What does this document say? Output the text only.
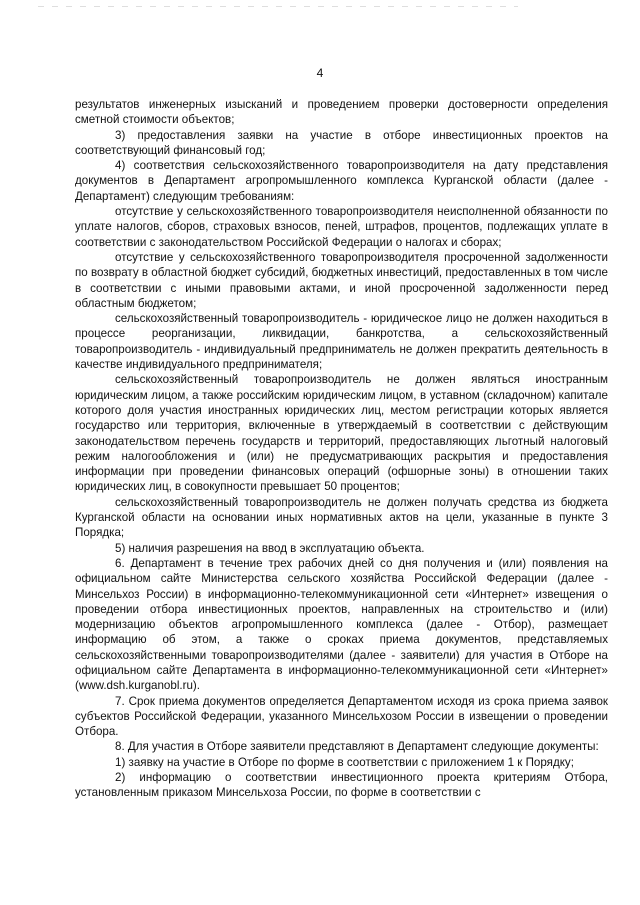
4

результатов инженерных изысканий и проведением проверки достоверности определения сметной стоимости объектов;

3) предоставления заявки на участие в отборе инвестиционных проектов на соответствующий финансовый год;

4) соответствия сельскохозяйственного товаропроизводителя на дату представления документов в Департамент агропромышленного комплекса Курганской области (далее - Департамент) следующим требованиям:

отсутствие у сельскохозяйственного товаропроизводителя неисполненной обязанности по уплате налогов, сборов, страховых взносов, пеней, штрафов, процентов, подлежащих уплате в соответствии с законодательством Российской Федерации о налогах и сборах;

отсутствие у сельскохозяйственного товаропроизводителя просроченной задолженности по возврату в областной бюджет субсидий, бюджетных инвестиций, предоставленных в том числе в соответствии с иными правовыми актами, и иной просроченной задолженности перед областным бюджетом;

сельскохозяйственный товаропроизводитель - юридическое лицо не должен находиться в процессе реорганизации, ликвидации, банкротства, а сельскохозяйственный товаропроизводитель - индивидуальный предприниматель не должен прекратить деятельность в качестве индивидуального предпринимателя;

сельскохозяйственный товаропроизводитель не должен являться иностранным юридическим лицом, а также российским юридическим лицом, в уставном (складочном) капитале которого доля участия иностранных юридических лиц, местом регистрации которых является государство или территория, включенные в утверждаемый в соответствии с действующим законодательством перечень государств и территорий, предоставляющих льготный налоговый режим налогообложения и (или) не предусматривающих раскрытия и предоставления информации при проведении финансовых операций (офшорные зоны) в отношении таких юридических лиц, в совокупности превышает 50 процентов;

сельскохозяйственный товаропроизводитель не должен получать средства из бюджета Курганской области на основании иных нормативных актов на цели, указанные в пункте 3 Порядка;

5) наличия разрешения на ввод в эксплуатацию объекта.

6. Департамент в течение трех рабочих дней со дня получения и (или) появления на официальном сайте Министерства сельского хозяйства Российской Федерации (далее - Минсельхоз России) в информационно-телекоммуникационной сети «Интернет» извещения о проведении отбора инвестиционных проектов, направленных на строительство и (или) модернизацию объектов агропромышленного комплекса (далее - Отбор), размещает информацию об этом, а также о сроках приема документов, представляемых сельскохозяйственными товаропроизводителями (далее - заявители) для участия в Отборе на официальном сайте Департамента в информационно-телекоммуникационной сети «Интернет» (www.dsh.kurganobl.ru).

7. Срок приема документов определяется Департаментом исходя из срока приема заявок субъектов Российской Федерации, указанного Минсельхозом России в извещении о проведении Отбора.

8. Для участия в Отборе заявители представляют в Департамент следующие документы:

1) заявку на участие в Отборе по форме в соответствии с приложением 1 к Порядку;

2) информацию о соответствии инвестиционного проекта критериям Отбора, установленным приказом Минсельхоза России, по форме в соответствии с
